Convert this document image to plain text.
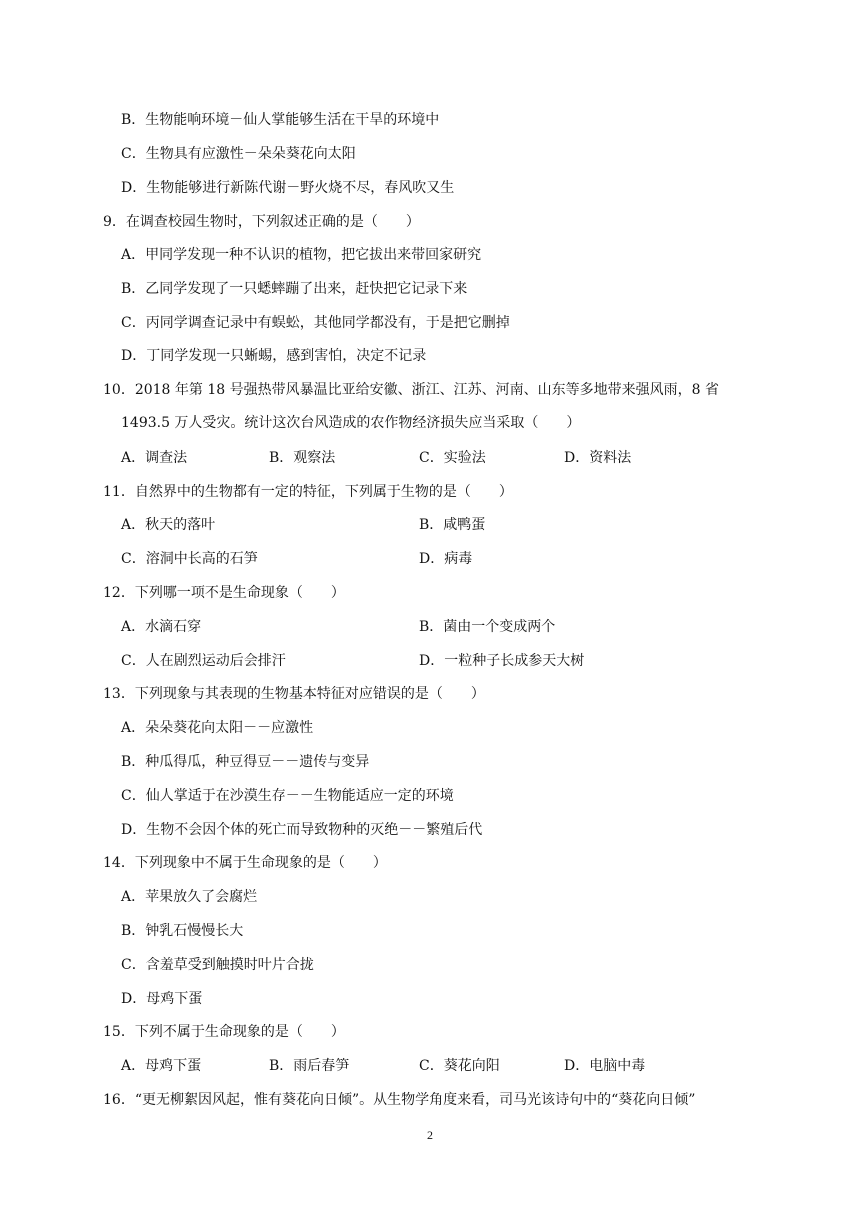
B．生物能响环境－仙人掌能够生活在干旱的环境中
C．生物具有应激性－朵朵葵花向太阳
D．生物能够进行新陈代谢－野火烧不尽，春风吹又生
9．在调查校园生物时，下列叙述正确的是（　　）
A．甲同学发现一种不认识的植物，把它拔出来带回家研究
B．乙同学发现了一只蟋蟀蹦了出来，赶快把它记录下来
C．丙同学调查记录中有蜈蚣，其他同学都没有，于是把它删掉
D．丁同学发现一只蜥蜴，感到害怕，决定不记录
10．2018 年第 18 号强热带风暴温比亚给安徽、浙江、江苏、河南、山东等多地带来强风雨，8 省
1493.5 万人受灾。统计这次台风造成的农作物经济损失应当采取（　　）
A．调查法	B．观察法	C．实验法	D．资料法
11．自然界中的生物都有一定的特征，下列属于生物的是（　　）
A．秋天的落叶	B．咸鸭蛋
C．溶洞中长高的石笋	D．病毒
12．下列哪一项不是生命现象（　　）
A．水滴石穿	B．菌由一个变成两个
C．人在剧烈运动后会排汗	D．一粒种子长成参天大树
13．下列现象与其表现的生物基本特征对应错误的是（　　）
A．朵朵葵花向太阳－－应激性
B．种瓜得瓜，种豆得豆－－遗传与变异
C．仙人掌适于在沙漠生存－－生物能适应一定的环境
D．生物不会因个体的死亡而导致物种的灭绝－－繁殖后代
14．下列现象中不属于生命现象的是（　　）
A．苹果放久了会腐烂
B．钟乳石慢慢长大
C．含羞草受到触摸时叶片合拢
D．母鸡下蛋
15．下列不属于生命现象的是（　　）
A．母鸡下蛋	B．雨后春笋	C．葵花向阳	D．电脑中毒
16．“更无柳絮因风起，惟有葵花向日倾”。从生物学角度来看，司马光该诗句中的“葵花向日倾”
2
